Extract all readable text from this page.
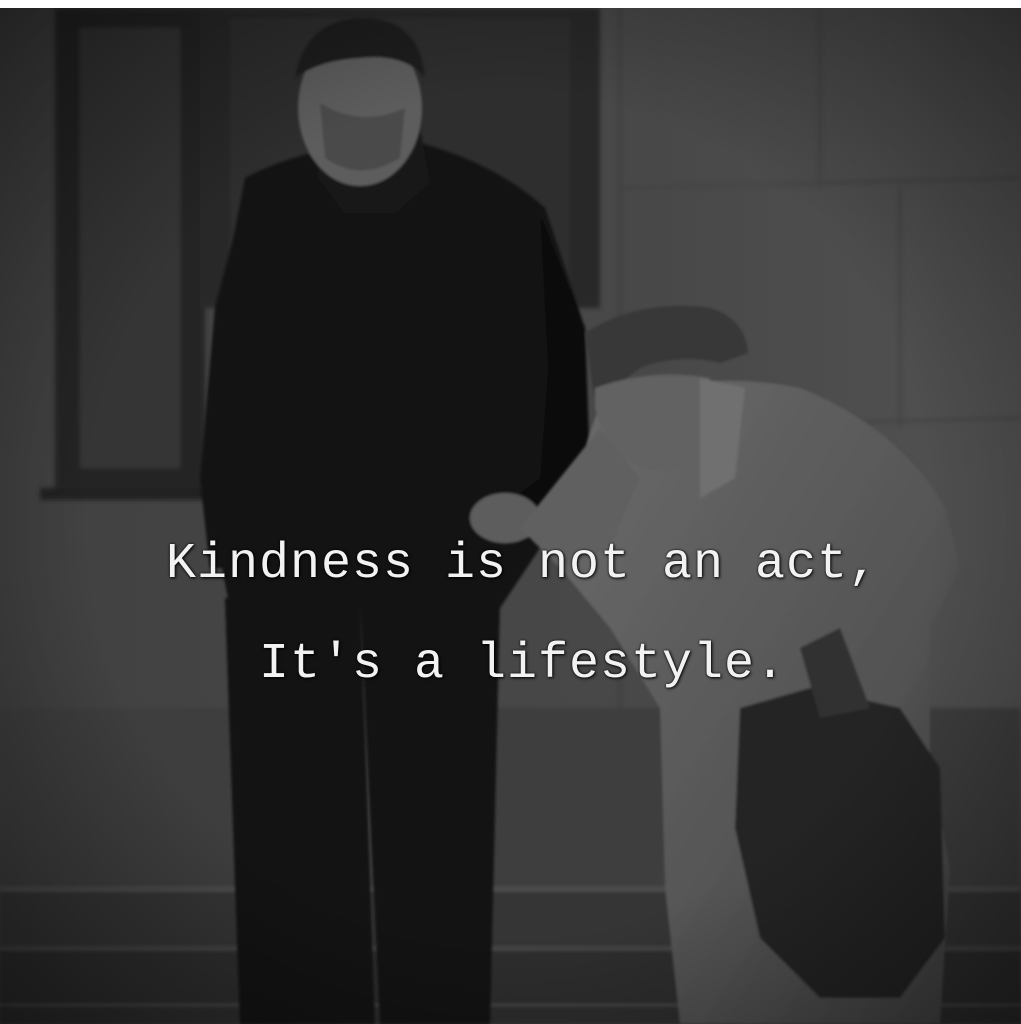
Kindness is not an act,
It's a lifestyle.
